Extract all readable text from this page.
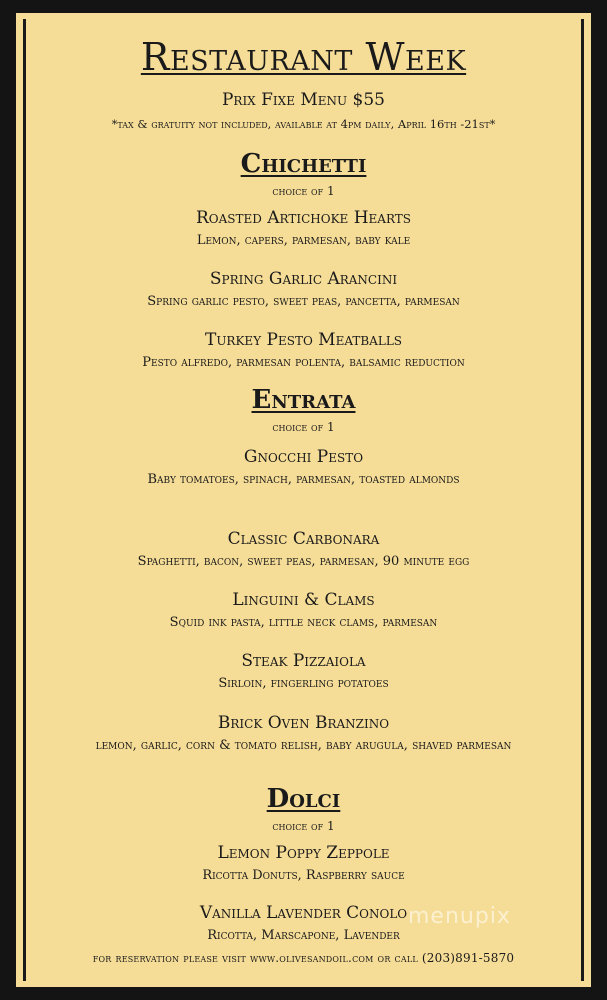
Restaurant Week
Prix Fixe Menu $55
*tax & gratuity not included, available at 4pm daily, April 16th -21st*
Chichetti
choice of 1
Roasted Artichoke Hearts
Lemon, capers, parmesan, baby kale
Spring Garlic Arancini
Spring garlic pesto, sweet peas, pancetta, parmesan
Turkey Pesto Meatballs
Pesto alfredo, parmesan polenta, balsamic reduction
Entrata
choice of 1
Gnocchi Pesto
Baby tomatoes, spinach, parmesan, toasted almonds
Classic Carbonara
Spaghetti, bacon, sweet peas, parmesan, 90 minute egg
Linguini & Clams
Squid ink pasta, little neck clams, parmesan
Steak Pizzaiola
Sirloin, fingerling potatoes
Brick Oven Branzino
lemon, garlic, corn & tomato relish, baby arugula, shaved parmesan
Dolci
choice of 1
Lemon Poppy Zeppole
Ricotta Donuts, Raspberry sauce
Vanilla Lavender Conolo
Ricotta, Marscapone, Lavender
for reservation please visit www.olivesandoil.com or call (203)891-5870
menupix
